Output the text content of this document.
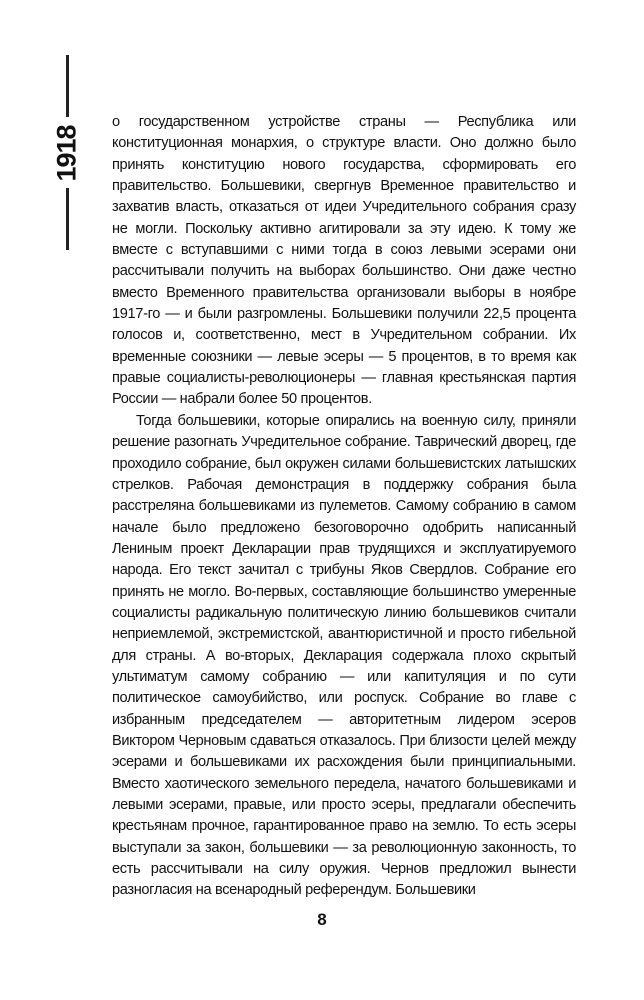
1918

о государственном устройстве страны — Республика или конституционная монархия, о структуре власти. Оно должно было принять конституцию нового государства, сформировать его правительство. Большевики, свергнув Временное правительство и захватив власть, отказаться от идеи Учредительного собрания сразу не могли. Поскольку активно агитировали за эту идею. К тому же вместе с вступавшими с ними тогда в союз левыми эсерами они рассчитывали получить на выборах большинство. Они даже честно вместо Временного правительства организовали выборы в ноябре 1917-го — и были разгромлены. Большевики получили 22,5 процента голосов и, соответственно, мест в Учредительном собрании. Их временные союзники — левые эсеры — 5 процентов, в то время как правые социалисты-революционеры — главная крестьянская партия России — набрали более 50 процентов.

Тогда большевики, которые опирались на военную силу, приняли решение разогнать Учредительное собрание. Таврический дворец, где проходило собрание, был окружен силами большевистских латышских стрелков. Рабочая демонстрация в поддержку собрания была расстреляна большевиками из пулеметов. Самому собранию в самом начале было предложено безоговорочно одобрить написанный Лениным проект Декларации прав трудящихся и эксплуатируемого народа. Его текст зачитал с трибуны Яков Свердлов. Собрание его принять не могло. Во-первых, составляющие большинство умеренные социалисты радикальную политическую линию большевиков считали неприемлемой, экстремистской, авантюристичной и просто гибельной для страны. А во-вторых, Декларация содержала плохо скрытый ультиматум самому собранию — или капитуляция и по сути политическое самоубийство, или роспуск. Собрание во главе с избранным председателем — авторитетным лидером эсеров Виктором Черновым сдаваться отказалось. При близости целей между эсерами и большевиками их расхождения были принципиальными. Вместо хаотического земельного передела, начатого большевиками и левыми эсерами, правые, или просто эсеры, предлагали обеспечить крестьянам прочное, гарантированное право на землю. То есть эсеры выступали за закон, большевики — за революционную законность, то есть рассчитывали на силу оружия. Чернов предложил вынести разногласия на всенародный референдум. Большевики

8
